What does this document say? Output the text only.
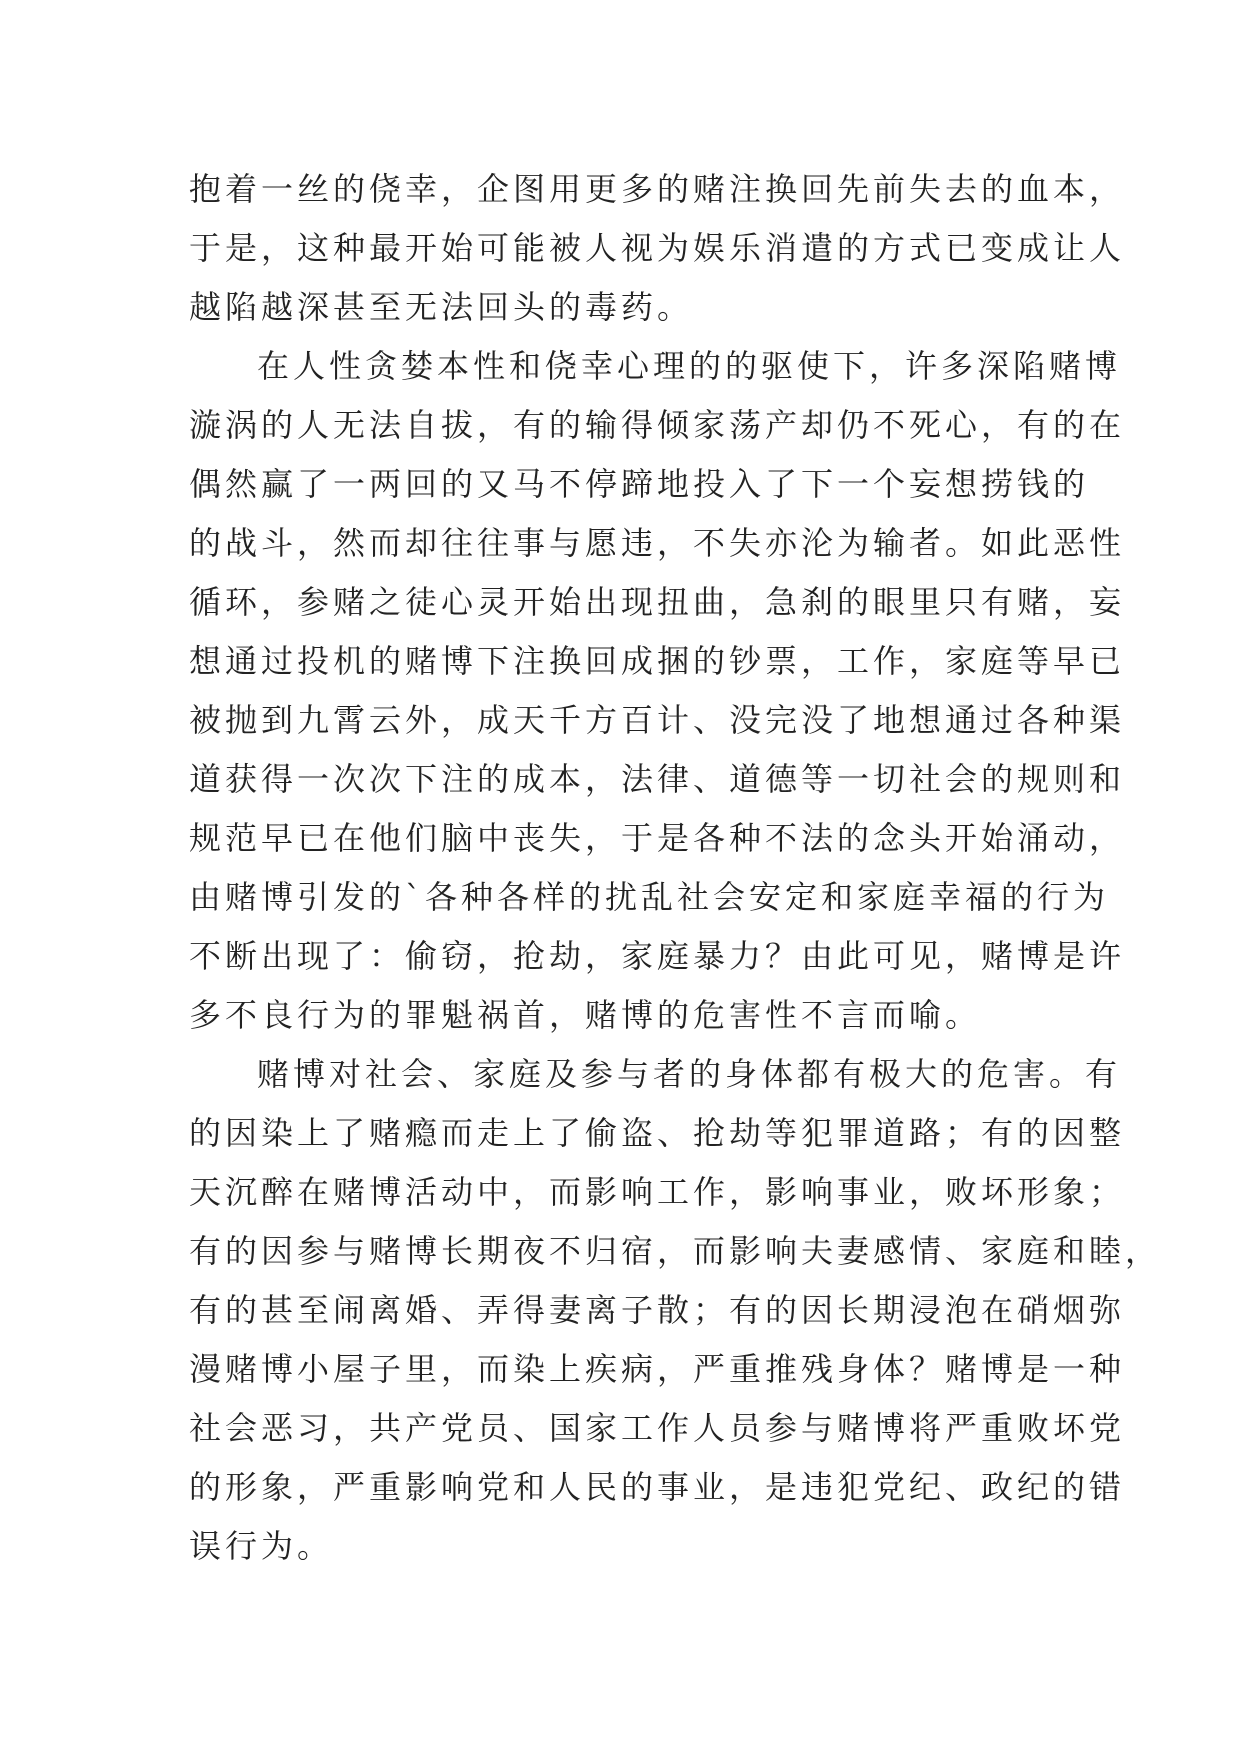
抱着一丝的侥幸，企图用更多的赌注换回先前失去的血本，
于是，这种最开始可能被人视为娱乐消遣的方式已变成让人
越陷越深甚至无法回头的毒药。
在人性贪婪本性和侥幸心理的的驱使下，许多深陷赌博
漩涡的人无法自拔，有的输得倾家荡产却仍不死心，有的在
偶然赢了一两回的又马不停蹄地投入了下一个妄想捞钱的
的战斗，然而却往往事与愿违，不失亦沦为输者。如此恶性
循环，参赌之徒心灵开始出现扭曲，急刹的眼里只有赌，妄
想通过投机的赌博下注换回成捆的钞票，工作，家庭等早已
被抛到九霄云外，成天千方百计、没完没了地想通过各种渠
道获得一次次下注的成本，法律、道德等一切社会的规则和
规范早已在他们脑中丧失，于是各种不法的念头开始涌动，
由赌博引发的`各种各样的扰乱社会安定和家庭幸福的行为
不断出现了：偷窃，抢劫，家庭暴力？由此可见，赌博是许
多不良行为的罪魁祸首，赌博的危害性不言而喻。
赌博对社会、家庭及参与者的身体都有极大的危害。有
的因染上了赌瘾而走上了偷盗、抢劫等犯罪道路；有的因整
天沉醉在赌博活动中，而影响工作，影响事业，败坏形象；
有的因参与赌博长期夜不归宿，而影响夫妻感情、家庭和睦，
有的甚至闹离婚、弄得妻离子散；有的因长期浸泡在硝烟弥
漫赌博小屋子里，而染上疾病，严重推残身体？赌博是一种
社会恶习，共产党员、国家工作人员参与赌博将严重败坏党
的形象，严重影响党和人民的事业，是违犯党纪、政纪的错
误行为。
